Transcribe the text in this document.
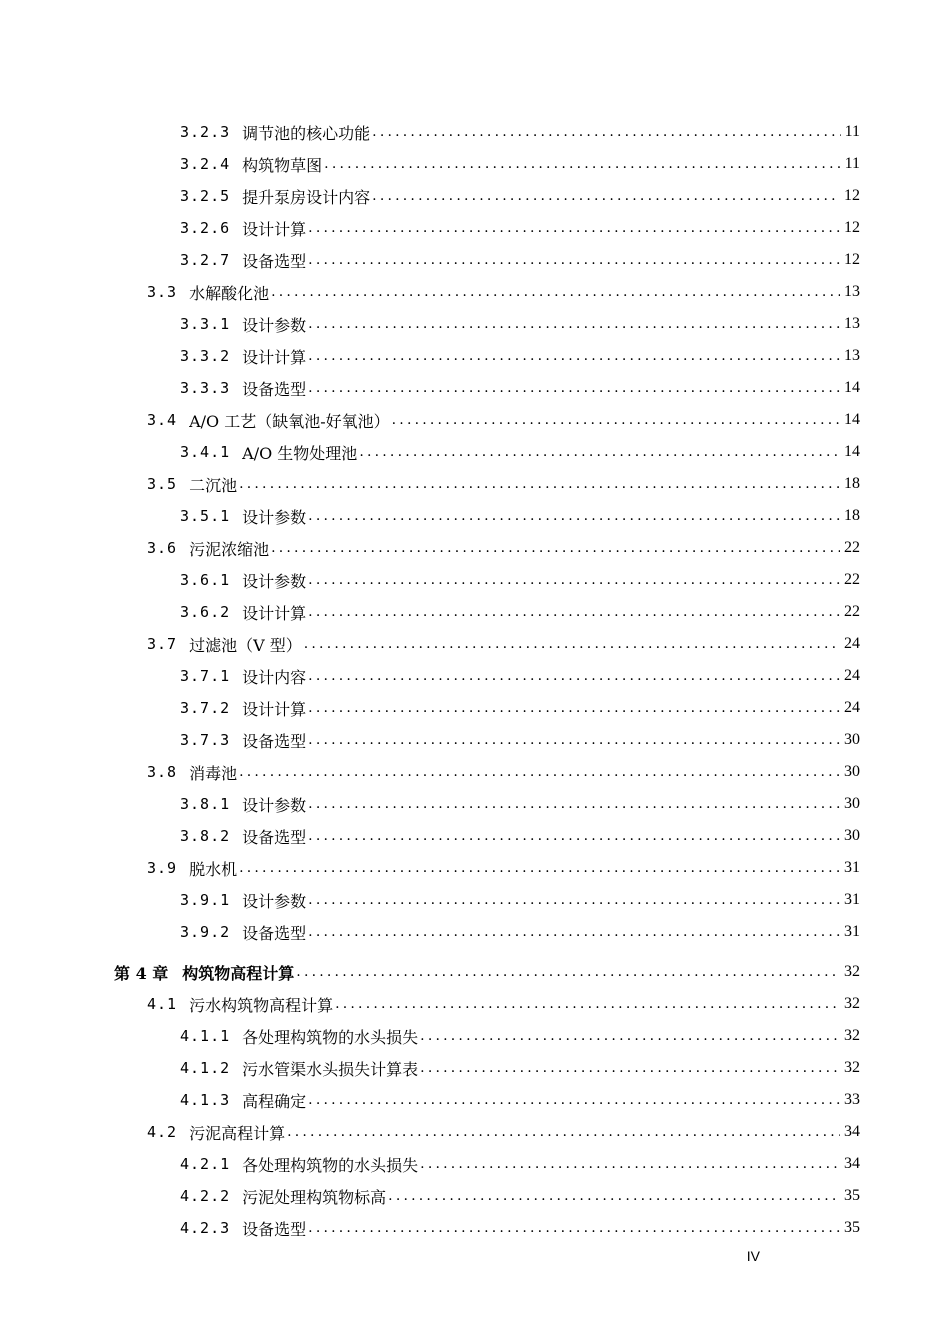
3.2.3 调节池的核心功能 .....	11
3.2.4 构筑物草图 .....	11
3.2.5 提升泵房设计内容 .....	12
3.2.6 设计计算 .....	12
3.2.7 设备选型 .....	12
3.3 水解酸化池 .....	13
3.3.1 设计参数 .....	13
3.3.2 设计计算 .....	13
3.3.3 设备选型 .....	14
3.4 A/O 工艺（缺氧池-好氧池） .....	14
3.4.1 A/O 生物处理池 .....	14
3.5 二沉池 .....	18
3.5.1 设计参数 .....	18
3.6 污泥浓缩池 .....	22
3.6.1 设计参数 .....	22
3.6.2 设计计算 .....	22
3.7 过滤池（V 型） .....	24
3.7.1 设计内容 .....	24
3.7.2 设计计算 .....	24
3.7.3 设备选型 .....	30
3.8 消毒池 .....	30
3.8.1 设计参数 .....	30
3.8.2 设备选型 .....	30
3.9 脱水机 .....	31
3.9.1 设计参数 .....	31
3.9.2 设备选型 .....	31
第 4 章 构筑物高程计算 .....	32
4.1 污水构筑物高程计算 .....	32
4.1.1 各处理构筑物的水头损失 .....	32
4.1.2 污水管渠水头损失计算表 .....	32
4.1.3 高程确定 .....	33
4.2 污泥高程计算 .....	34
4.2.1 各处理构筑物的水头损失 .....	34
4.2.2 污泥处理构筑物标高 .....	35
4.2.3 设备选型 .....	35
IV
